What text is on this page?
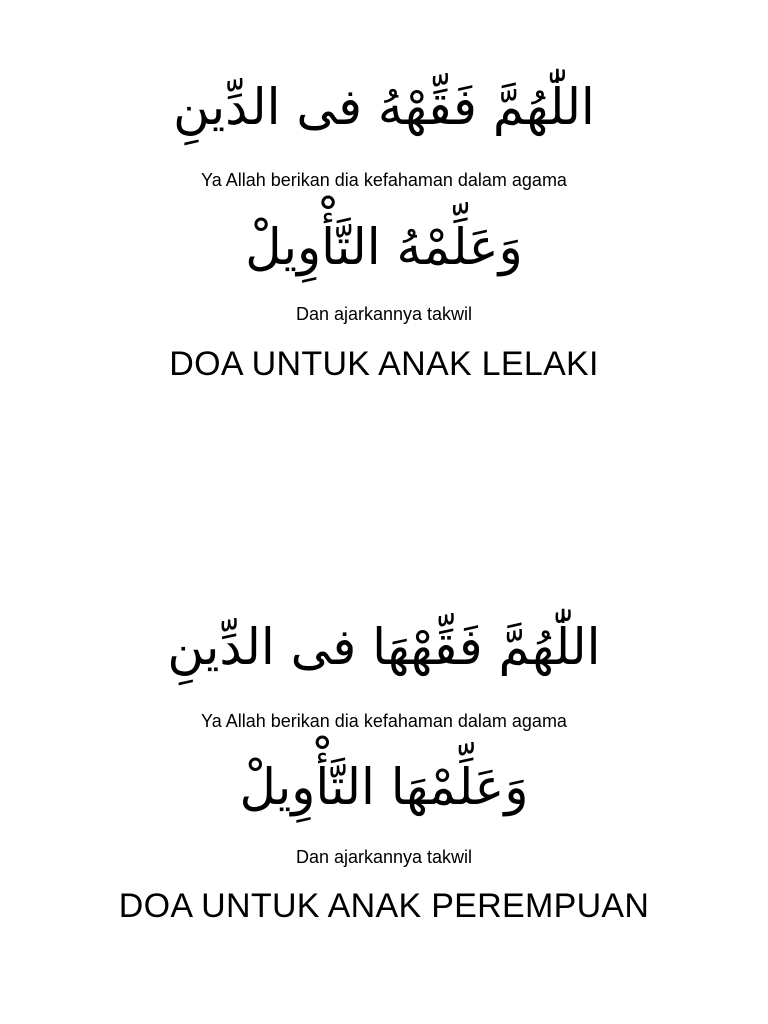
اللّٰهُمَّ فَقِّهْهُ فى الدِّينِ
Ya Allah berikan dia kefahaman dalam agama
وَعَلِّمْهُ التَّأْوِيلْ
Dan ajarkannya takwil
DOA UNTUK ANAK LELAKI
اللّٰهُمَّ فَقِّهْهَا فى الدِّينِ
Ya Allah berikan dia kefahaman dalam agama
وَعَلِّمْهَا التَّأْوِيلْ
Dan ajarkannya takwil
DOA UNTUK ANAK PEREMPUAN
